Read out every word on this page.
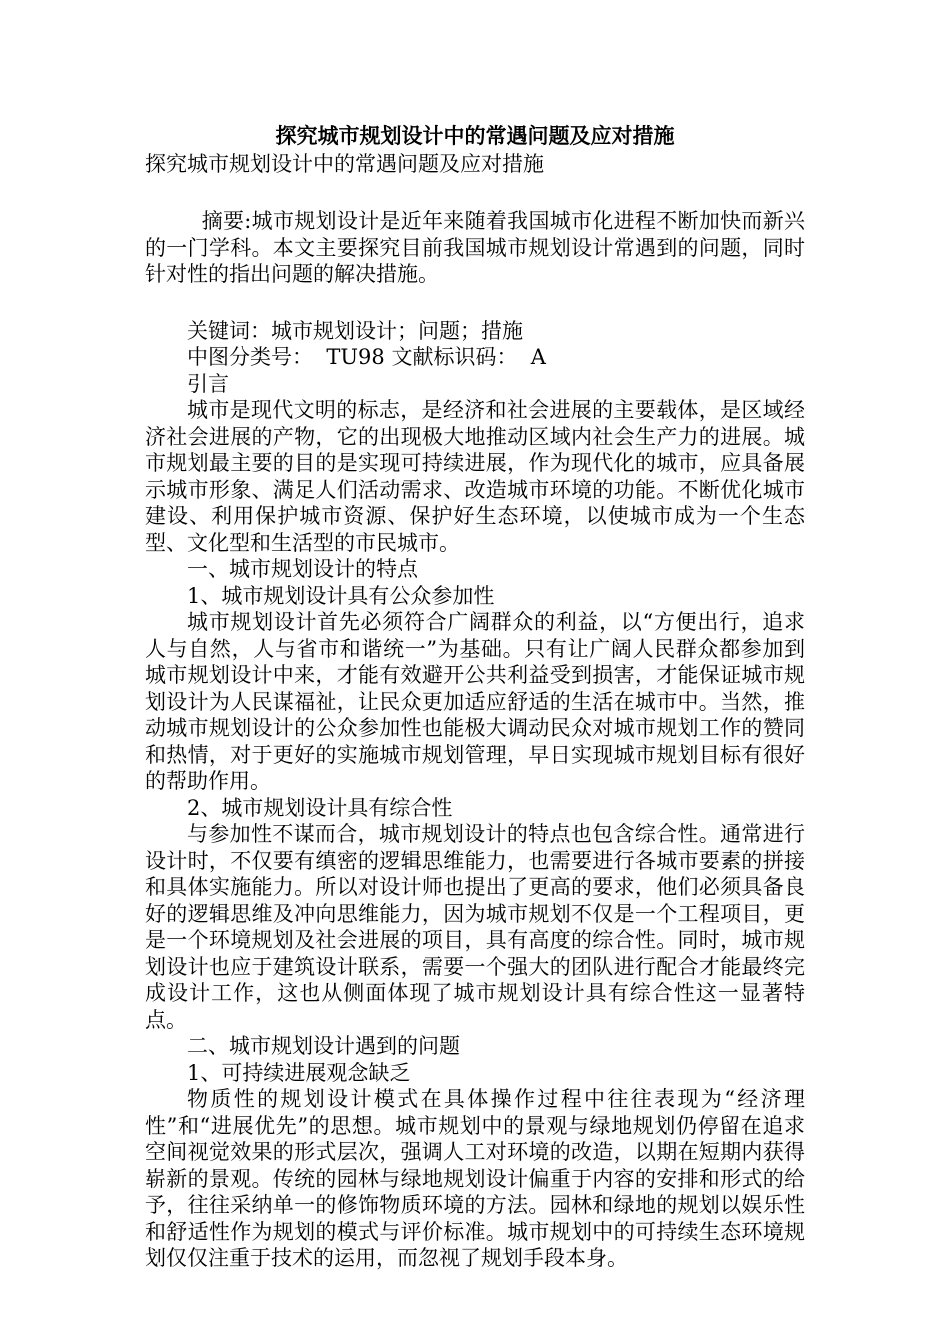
探究城市规划设计中的常遇问题及应对措施

探究城市规划设计中的常遇问题及应对措施

摘要:城市规划设计是近年来随着我国城市化进程不断加快而新兴的一门学科。本文主要探究目前我国城市规划设计常遇到的问题，同时针对性的指出问题的解决措施。

关键词：城市规划设计；问题；措施

中图分类号：  TU98 文献标识码：  A

引言

城市是现代文明的标志，是经济和社会进展的主要载体，是区域经济社会进展的产物，它的出现极大地推动区域内社会生产力的进展。城市规划最主要的目的是实现可持续进展，作为现代化的城市，应具备展示城市形象、满足人们活动需求、改造城市环境的功能。不断优化城市建设、利用保护城市资源、保护好生态环境，以使城市成为一个生态型、文化型和生活型的市民城市。

一、城市规划设计的特点

1、城市规划设计具有公众参加性

城市规划设计首先必须符合广阔群众的利益，以“方便出行，追求人与自然，人与省市和谐统一”为基础。只有让广阔人民群众都参加到城市规划设计中来，才能有效避开公共利益受到损害，才能保证城市规划设计为人民谋福祉，让民众更加适应舒适的生活在城市中。当然，推动城市规划设计的公众参加性也能极大调动民众对城市规划工作的赞同和热情，对于更好的实施城市规划管理，早日实现城市规划目标有很好的帮助作用。

2、城市规划设计具有综合性

与参加性不谋而合，城市规划设计的特点也包含综合性。通常进行设计时，不仅要有缜密的逻辑思维能力，也需要进行各城市要素的拼接和具体实施能力。所以对设计师也提出了更高的要求，他们必须具备良好的逻辑思维及冲向思维能力，因为城市规划不仅是一个工程项目，更是一个环境规划及社会进展的项目，具有高度的综合性。同时，城市规划设计也应于建筑设计联系，需要一个强大的团队进行配合才能最终完成设计工作，这也从侧面体现了城市规划设计具有综合性这一显著特点。

二、城市规划设计遇到的问题

1、可持续进展观念缺乏

物质性的规划设计模式在具体操作过程中往往表现为“经济理性”和“进展优先”的思想。城市规划中的景观与绿地规划仍停留在追求空间视觉效果的形式层次，强调人工对环境的改造，以期在短期内获得崭新的景观。传统的园林与绿地规划设计偏重于内容的安排和形式的给予，往往采纳单一的修饰物质环境的方法。园林和绿地的规划以娱乐性和舒适性作为规划的模式与评价标准。城市规划中的可持续生态环境规划仅仅注重于技术的运用，而忽视了规划手段本身。
